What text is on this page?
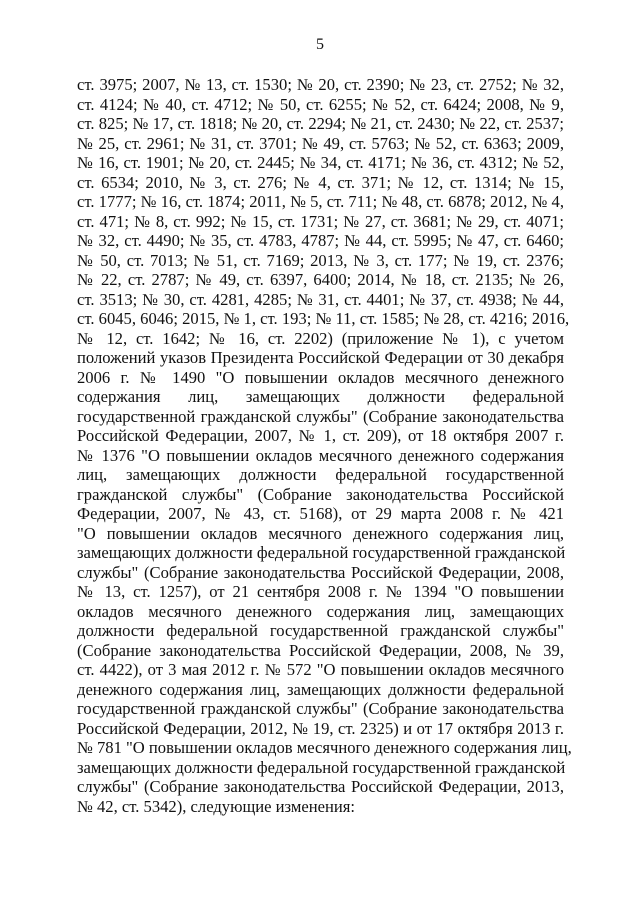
5
ст. 3975; 2007, № 13, ст. 1530; № 20, ст. 2390; № 23, ст. 2752; № 32,
ст. 4124; № 40, ст. 4712; № 50, ст. 6255; № 52, ст. 6424; 2008, № 9,
ст. 825; № 17, ст. 1818; № 20, ст. 2294; № 21, ст. 2430; № 22, ст. 2537;
№ 25, ст. 2961; № 31, ст. 3701; № 49, ст. 5763; № 52, ст. 6363; 2009,
№ 16, ст. 1901; № 20, ст. 2445; № 34, ст. 4171; № 36, ст. 4312; № 52,
ст. 6534; 2010, № 3, ст. 276; № 4, ст. 371; № 12, ст. 1314; № 15,
ст. 1777; № 16, ст. 1874; 2011, № 5, ст. 711; № 48, ст. 6878; 2012, № 4,
ст. 471; № 8, ст. 992; № 15, ст. 1731; № 27, ст. 3681; № 29, ст. 4071;
№ 32, ст. 4490; № 35, ст. 4783, 4787; № 44, ст. 5995; № 47, ст. 6460;
№ 50, ст. 7013; № 51, ст. 7169; 2013, № 3, ст. 177; № 19, ст. 2376;
№ 22, ст. 2787; № 49, ст. 6397, 6400; 2014, № 18, ст. 2135; № 26,
ст. 3513; № 30, ст. 4281, 4285; № 31, ст. 4401; № 37, ст. 4938; № 44,
ст. 6045, 6046; 2015, № 1, ст. 193; № 11, ст. 1585; № 28, ст. 4216; 2016,
№ 12, ст. 1642; № 16, ст. 2202) (приложение № 1), с учетом
положений указов Президента Российской Федерации от 30 декабря
2006 г. № 1490 "О повышении окладов месячного денежного
содержания лиц, замещающих должности федеральной
государственной гражданской службы" (Собрание законодательства
Российской Федерации, 2007, № 1, ст. 209), от 18 октября 2007 г.
№ 1376 "О повышении окладов месячного денежного содержания
лиц, замещающих должности федеральной государственной
гражданской службы" (Собрание законодательства Российской
Федерации, 2007, № 43, ст. 5168), от 29 марта 2008 г. № 421
"О повышении окладов месячного денежного содержания лиц,
замещающих должности федеральной государственной гражданской
службы" (Собрание законодательства Российской Федерации, 2008,
№ 13, ст. 1257), от 21 сентября 2008 г. № 1394 "О повышении
окладов месячного денежного содержания лиц, замещающих
должности федеральной государственной гражданской службы"
(Собрание законодательства Российской Федерации, 2008, № 39,
ст. 4422), от 3 мая 2012 г. № 572 "О повышении окладов месячного
денежного содержания лиц, замещающих должности федеральной
государственной гражданской службы" (Собрание законодательства
Российской Федерации, 2012, № 19, ст. 2325) и от 17 октября 2013 г.
№ 781 "О повышении окладов месячного денежного содержания лиц,
замещающих должности федеральной государственной гражданской
службы" (Собрание законодательства Российской Федерации, 2013,
№ 42, ст. 5342), следующие изменения:
